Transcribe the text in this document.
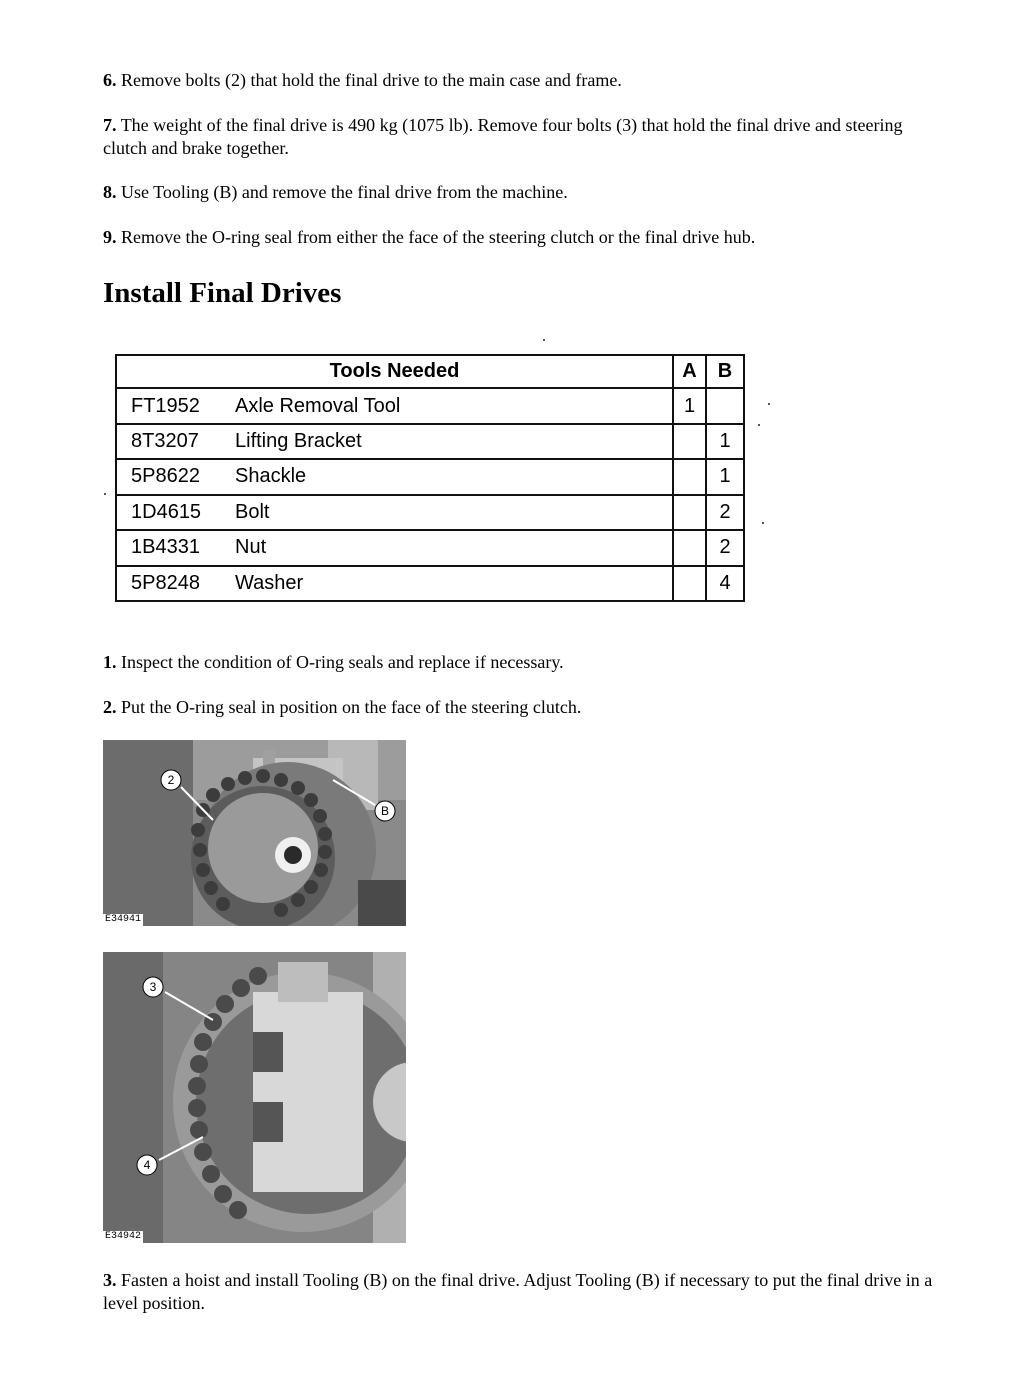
6. Remove bolts (2) that hold the final drive to the main case and frame.

7. The weight of the final drive is 490 kg (1075 lb). Remove four bolts (3) that hold the final drive and steering clutch and brake together.

8. Use Tooling (B) and remove the final drive from the machine.

9. Remove the O-ring seal from either the face of the steering clutch or the final drive hub.

Install Final Drives
Tools Needed		A	B
FT1952	Axle Removal Tool	1	
8T3207	Lifting Bracket		1
5P8622	Shackle		1
1D4615	Bolt		2
1B4331	Nut		2
5P8248	Washer		4

1. Inspect the condition of O-ring seals and replace if necessary.

2. Put the O-ring seal in position on the face of the steering clutch.

2
B
E34941
3
4
E34942

3. Fasten a hoist and install Tooling (B) on the final drive. Adjust Tooling (B) if necessary to put the final drive in a level position.
